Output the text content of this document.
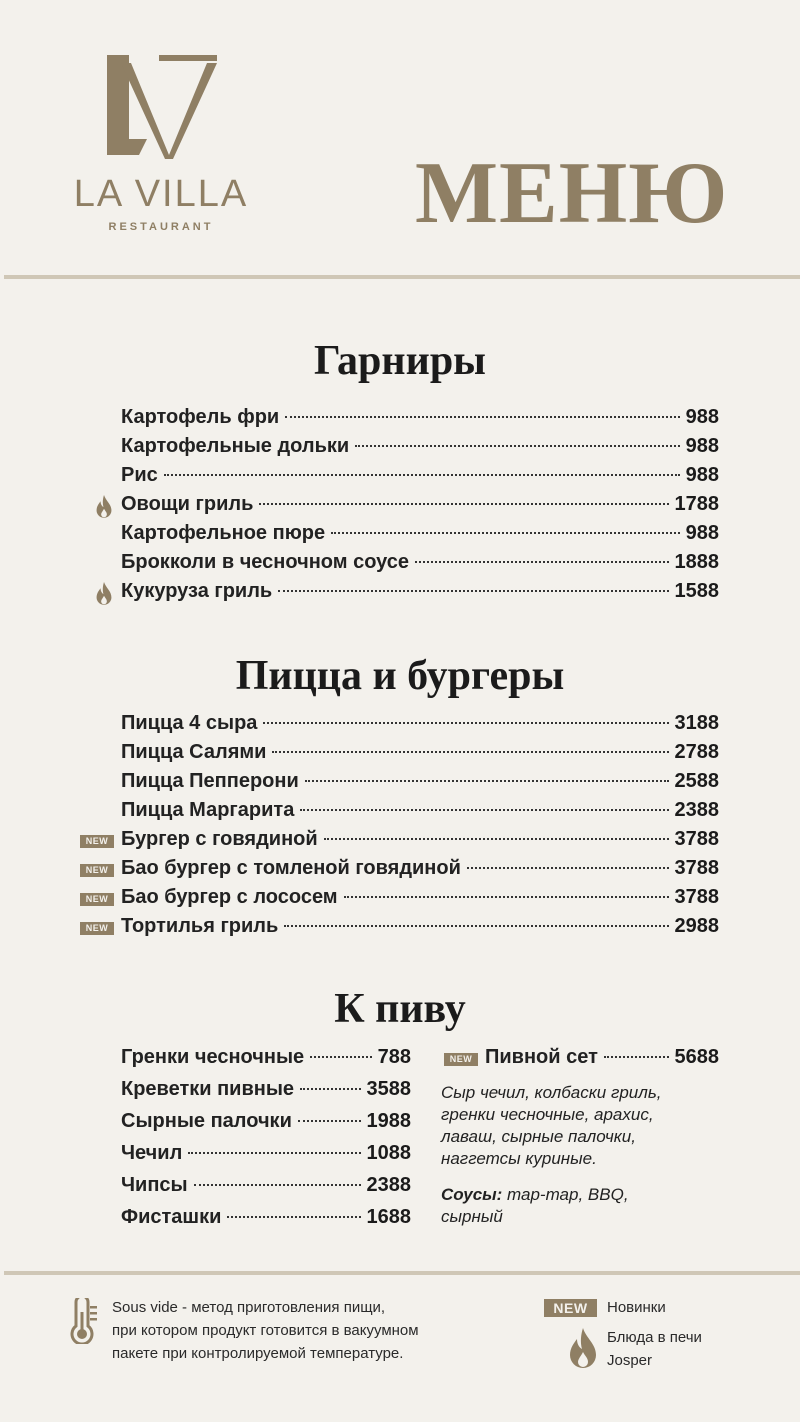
LA VILLA
RESTAURANT	МЕНЮ
Гарниры
Картофель фри	988
Картофельные дольки	988
Рис	988
Овощи гриль	1788
Картофельное пюре	988
Брокколи в чесночном соусе	1888
Кукуруза гриль	1588
Пицца и бургеры
Пицца 4 сыра	3188
Пицца Салями	2788
Пицца Пепперони	2588
Пицца Маргарита	2388
NEW Бургер с говядиной	3788
NEW Бао бургер с томленой говядиной	3788
NEW Бао бургер с лососем	3788
NEW Тортилья гриль	2988
К пиву
Гренки чесночные	788
Креветки пивные	3588
Сырные палочки	1988
Чечил	1088
Чипсы	2388
Фисташки	1688
NEW Пивной сет	5688
Сыр чечил, колбаски гриль,
гренки чесночные, арахис,
лаваш, сырные палочки,
наггетсы куриные.
Соусы: тар-тар, BBQ,
сырный
Sous vide - метод приготовления пищи,
при котором продукт готовится в вакуумном
пакете при контролируемой температуре.
NEW	Новинки
Блюда в печи
Josper
